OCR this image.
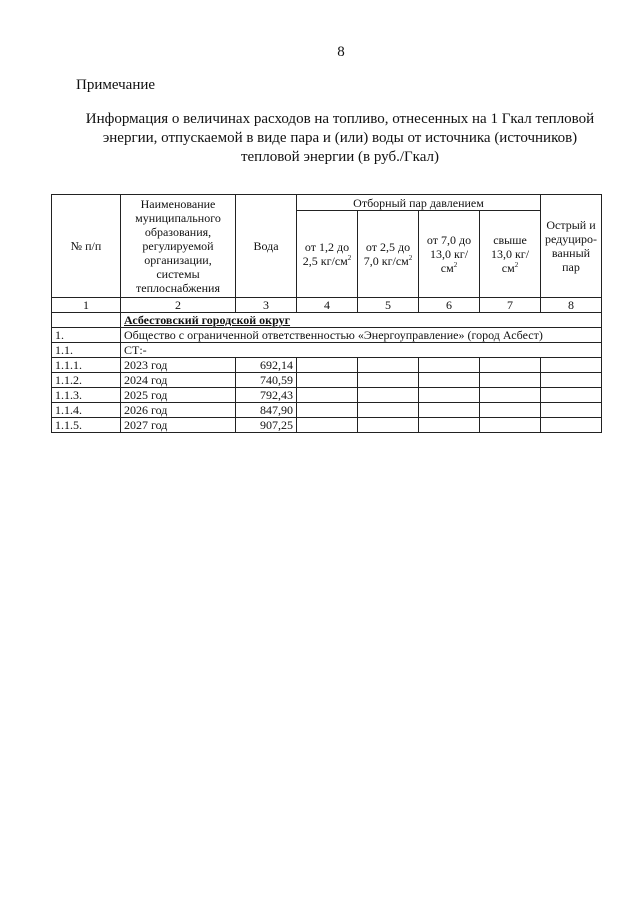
8
Примечание
Информация о величинах расходов на топливо, отнесенных на 1 Гкал тепловой
энергии, отпускаемой в виде пара и (или) воды от источника (источников)
тепловой энергии (в руб./Гкал)
№ п/п	Наименование муниципального образования, регулируемой организации, системы теплоснабжения	Вода	Отборный пар давлением				Острый и редуциро-ванный пар
			от 1,2 до 2,5 $кг/см^2$	от 2,5 до 7,0 $кг/см^2$	от 7,0 до 13,0 $кг/см^2$	свыше 13,0 $кг/см^2$
1	2	3	4	5	6	7	8
	Асбестовский городской округ						
1.	Общество с ограниченной ответственностью «Энергоуправление» (город Асбест)						
1.1.	СТ:-						
1.1.1.	2023 год	692,14					
1.1.2.	2024 год	740,59					
1.1.3.	2025 год	792,43					
1.1.4.	2026 год	847,90					
1.1.5.	2027 год	907,25					
